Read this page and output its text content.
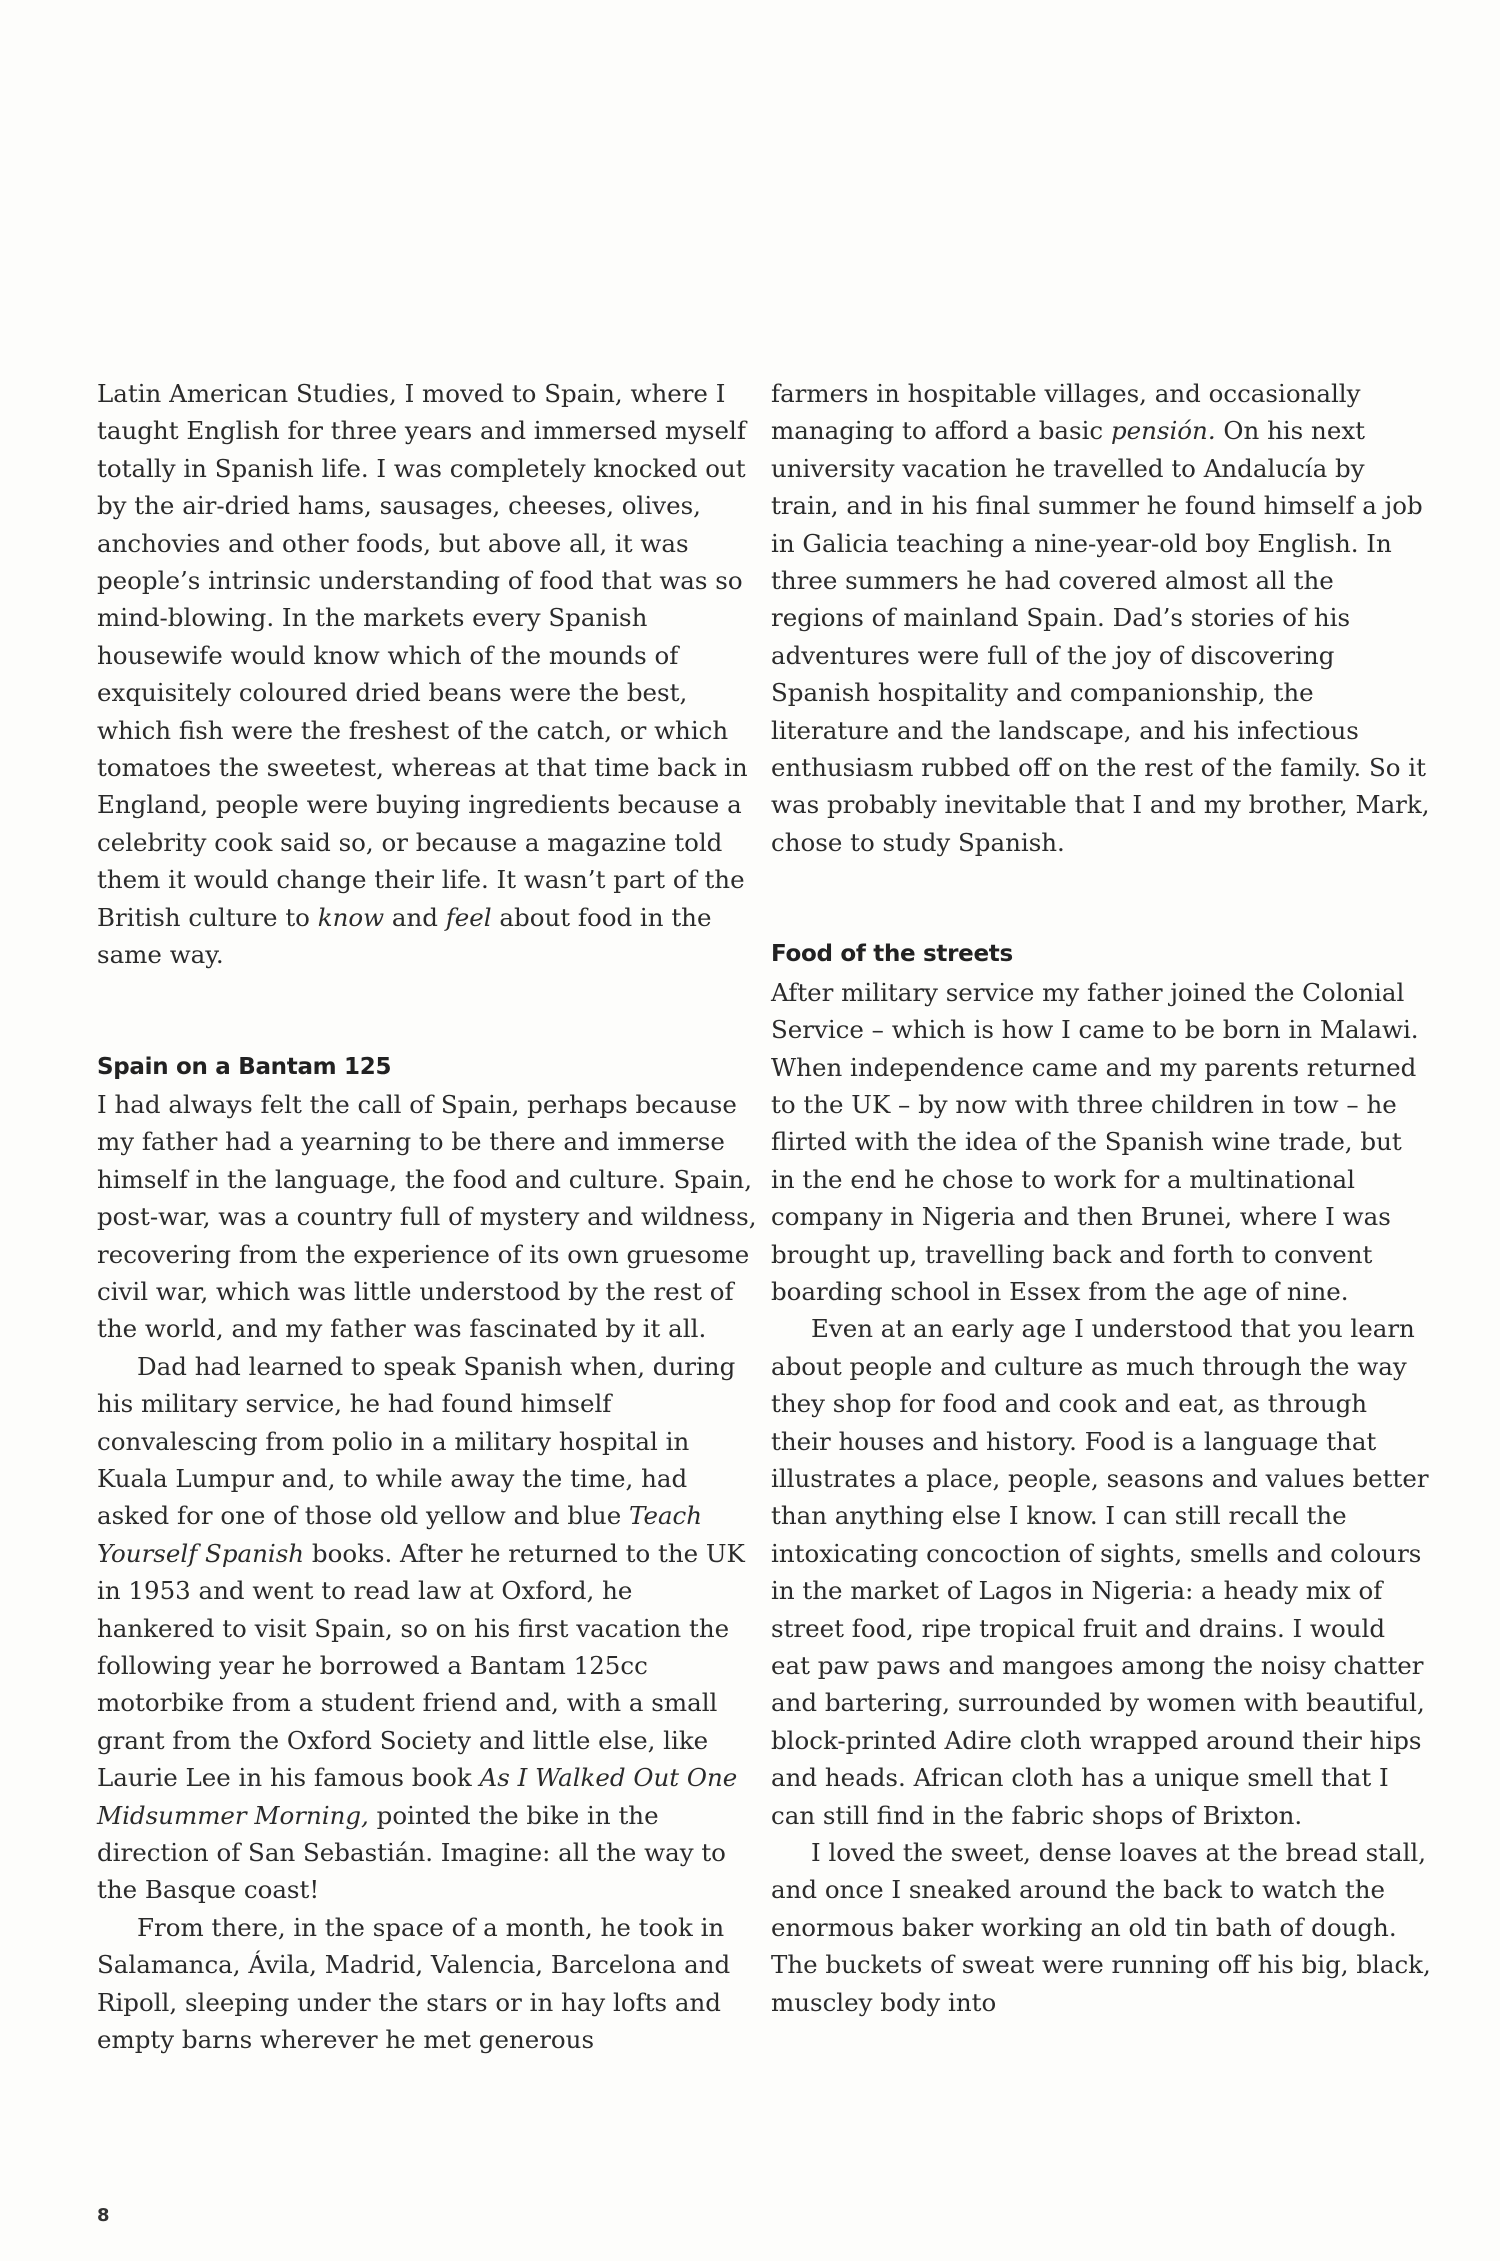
Latin American Studies, I moved to Spain, where I taught English for three years and immersed myself totally in Spanish life. I was completely knocked out by the air-dried hams, sausages, cheeses, olives, anchovies and other foods, but above all, it was people’s intrinsic understanding of food that was so mind-blowing. In the markets every Spanish housewife would know which of the mounds of exquisitely coloured dried beans were the best, which fish were the freshest of the catch, or which tomatoes the sweetest, whereas at that time back in England, people were buying ingredients because a celebrity cook said so, or because a magazine told them it would change their life. It wasn’t part of the British culture to know and feel about food in the same way.

Spain on a Bantam 125

I had always felt the call of Spain, perhaps because my father had a yearning to be there and immerse himself in the language, the food and culture. Spain, post-war, was a country full of mystery and wildness, recovering from the experience of its own gruesome civil war, which was little understood by the rest of the world, and my father was fascinated by it all.

Dad had learned to speak Spanish when, during his military service, he had found himself convalescing from polio in a military hospital in Kuala Lumpur and, to while away the time, had asked for one of those old yellow and blue Teach Yourself Spanish books. After he returned to the UK in 1953 and went to read law at Oxford, he hankered to visit Spain, so on his first vacation the following year he borrowed a Bantam 125cc motorbike from a student friend and, with a small grant from the Oxford Society and little else, like Laurie Lee in his famous book As I Walked Out One Midsummer Morning, pointed the bike in the direction of San Sebastián. Imagine: all the way to the Basque coast!

From there, in the space of a month, he took in Salamanca, Ávila, Madrid, Valencia, Barcelona and Ripoll, sleeping under the stars or in hay lofts and empty barns wherever he met generous

farmers in hospitable villages, and occasionally managing to afford a basic pensión. On his next university vacation he travelled to Andalucía by train, and in his final summer he found himself a job in Galicia teaching a nine-year-old boy English. In three summers he had covered almost all the regions of mainland Spain. Dad’s stories of his adventures were full of the joy of discovering Spanish hospitality and companionship, the literature and the landscape, and his infectious enthusiasm rubbed off on the rest of the family. So it was probably inevitable that I and my brother, Mark, chose to study Spanish.

Food of the streets

After military service my father joined the Colonial Service – which is how I came to be born in Malawi. When independence came and my parents returned to the UK – by now with three children in tow – he flirted with the idea of the Spanish wine trade, but in the end he chose to work for a multinational company in Nigeria and then Brunei, where I was brought up, travelling back and forth to convent boarding school in Essex from the age of nine.

Even at an early age I understood that you learn about people and culture as much through the way they shop for food and cook and eat, as through their houses and history. Food is a language that illustrates a place, people, seasons and values better than anything else I know. I can still recall the intoxicating concoction of sights, smells and colours in the market of Lagos in Nigeria: a heady mix of street food, ripe tropical fruit and drains. I would eat paw paws and mangoes among the noisy chatter and bartering, surrounded by women with beautiful, block-printed Adire cloth wrapped around their hips and heads. African cloth has a unique smell that I can still find in the fabric shops of Brixton.

I loved the sweet, dense loaves at the bread stall, and once I sneaked around the back to watch the enormous baker working an old tin bath of dough. The buckets of sweat were running off his big, black, muscley body into

8
